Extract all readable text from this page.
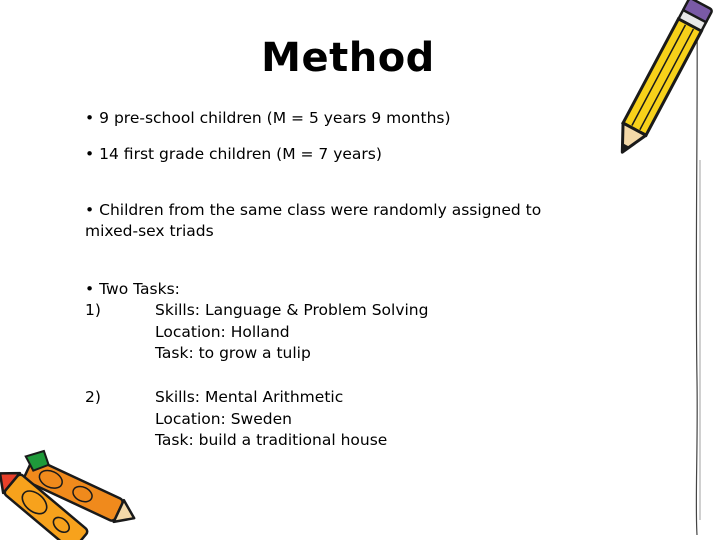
Method
• 9 pre-school children (M = 5 years 9 months)
• 14 first grade children (M = 7 years)
• Children from the same class were randomly assigned to
mixed-sex triads
• Two Tasks:
1)	Skills: Language & Problem Solving
Location: Holland
Task: to grow a tulip
2)	Skills: Mental Arithmetic
Location: Sweden
Task: build a traditional house
